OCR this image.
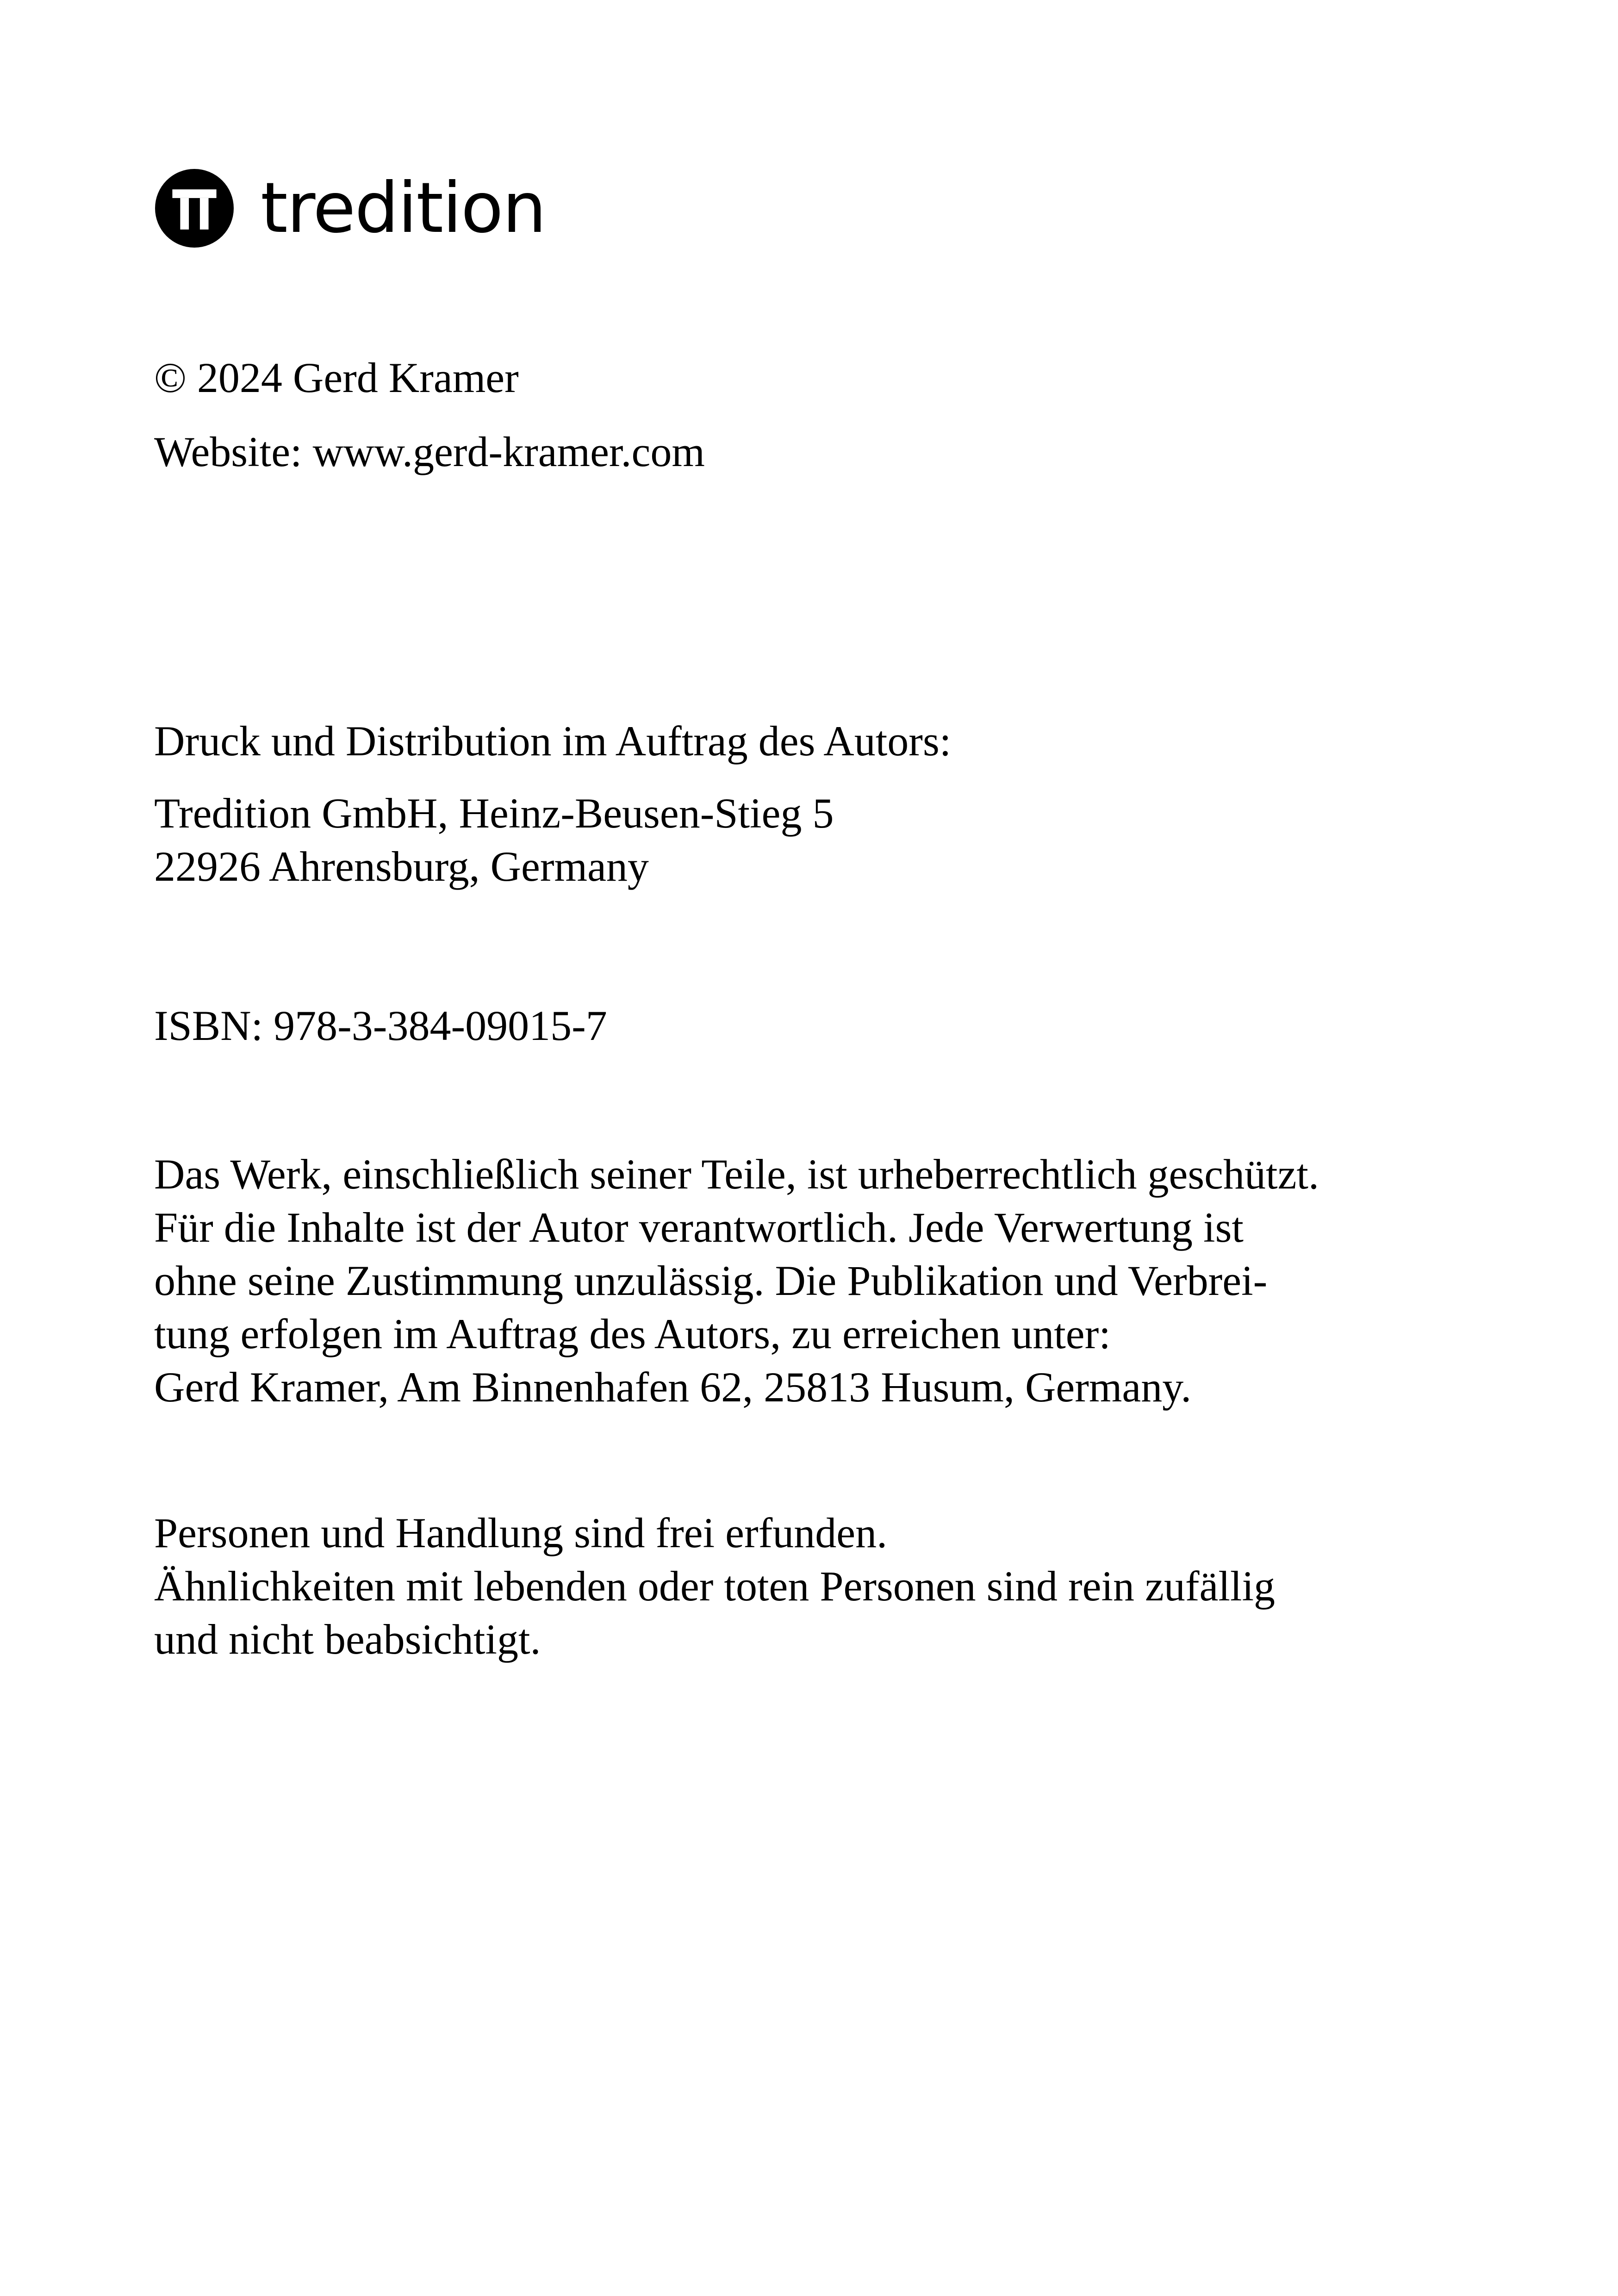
tredition
© 2024 Gerd Kramer
Website: www.gerd-kramer.com
Druck und Distribution im Auftrag des Autors:
Tredition GmbH, Heinz-Beusen-Stieg 5
22926 Ahrensburg, Germany
ISBN: 978-3-384-09015-7
Das Werk, einschließlich seiner Teile, ist urheberrechtlich geschützt.
Für die Inhalte ist der Autor verantwortlich. Jede Verwertung ist
ohne seine Zustimmung unzulässig. Die Publikation und Verbrei-
tung erfolgen im Auftrag des Autors, zu erreichen unter:
Gerd Kramer, Am Binnenhafen 62, 25813 Husum, Germany.
Personen und Handlung sind frei erfunden.
Ähnlichkeiten mit lebenden oder toten Personen sind rein zufällig
und nicht beabsichtigt.
